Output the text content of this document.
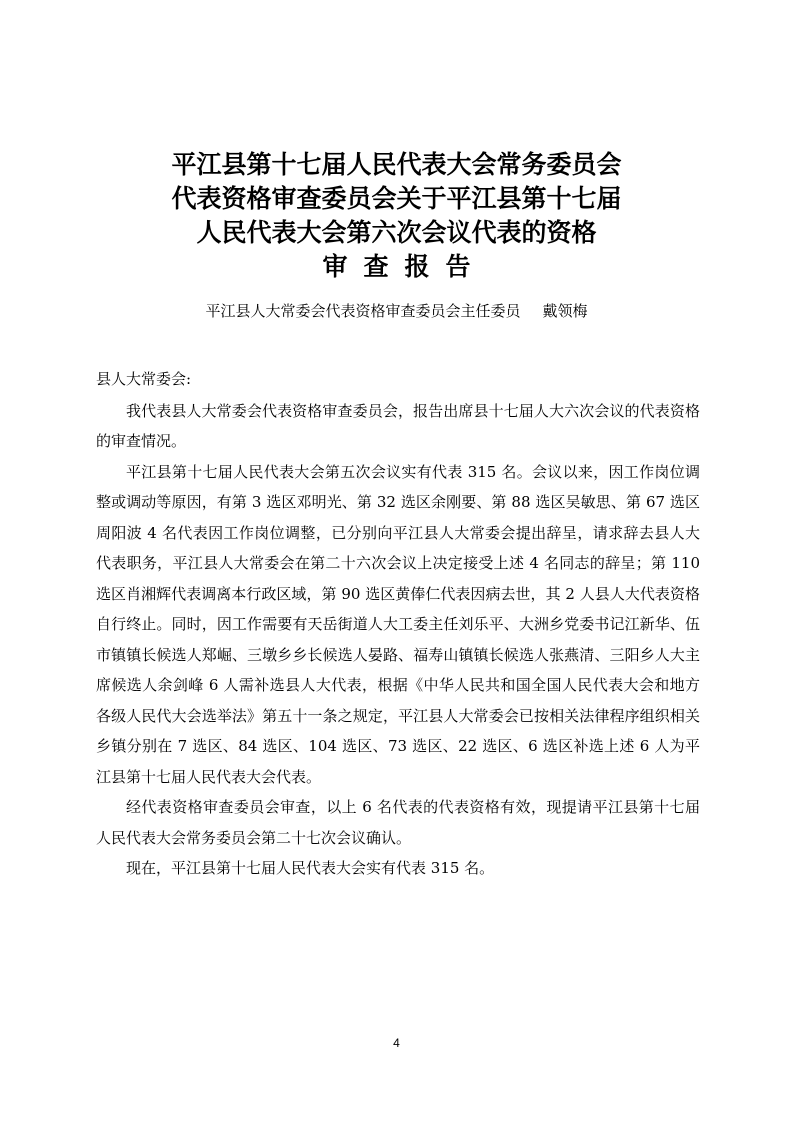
平江县第十七届人民代表大会常务委员会
代表资格审查委员会关于平江县第十七届
人民代表大会第六次会议代表的资格
审查报告
平江县人大常委会代表资格审查委员会主任委员 戴领梅

县人大常委会:

我代表县人大常委会代表资格审查委员会，报告出席县十七届人大六次会议的代表资格的审查情况。

平江县第十七届人民代表大会第五次会议实有代表 315 名。会议以来，因工作岗位调整或调动等原因，有第 3 选区邓明光、第 32 选区余刚要、第 88 选区吴敏思、第 67 选区周阳波 4 名代表因工作岗位调整，已分别向平江县人大常委会提出辞呈，请求辞去县人大代表职务，平江县人大常委会在第二十六次会议上决定接受上述 4 名同志的辞呈；第 110 选区肖湘辉代表调离本行政区域，第 90 选区黄俸仁代表因病去世，其 2 人县人大代表资格自行终止。同时，因工作需要有天岳街道人大工委主任刘乐平、大洲乡党委书记江新华、伍市镇镇长候选人郑崛、三墩乡乡长候选人晏路、福寿山镇镇长候选人张燕清、三阳乡人大主席候选人余剑峰 6 人需补选县人大代表，根据《中华人民共和国全国人民代表大会和地方各级人民代大会选举法》第五十一条之规定，平江县人大常委会已按相关法律程序组织相关乡镇分别在 7 选区、84 选区、104 选区、73 选区、22 选区、6 选区补选上述 6 人为平江县第十七届人民代表大会代表。

经代表资格审查委员会审查，以上 6 名代表的代表资格有效，现提请平江县第十七届人民代表大会常务委员会第二十七次会议确认。

现在，平江县第十七届人民代表大会实有代表 315 名。

4
